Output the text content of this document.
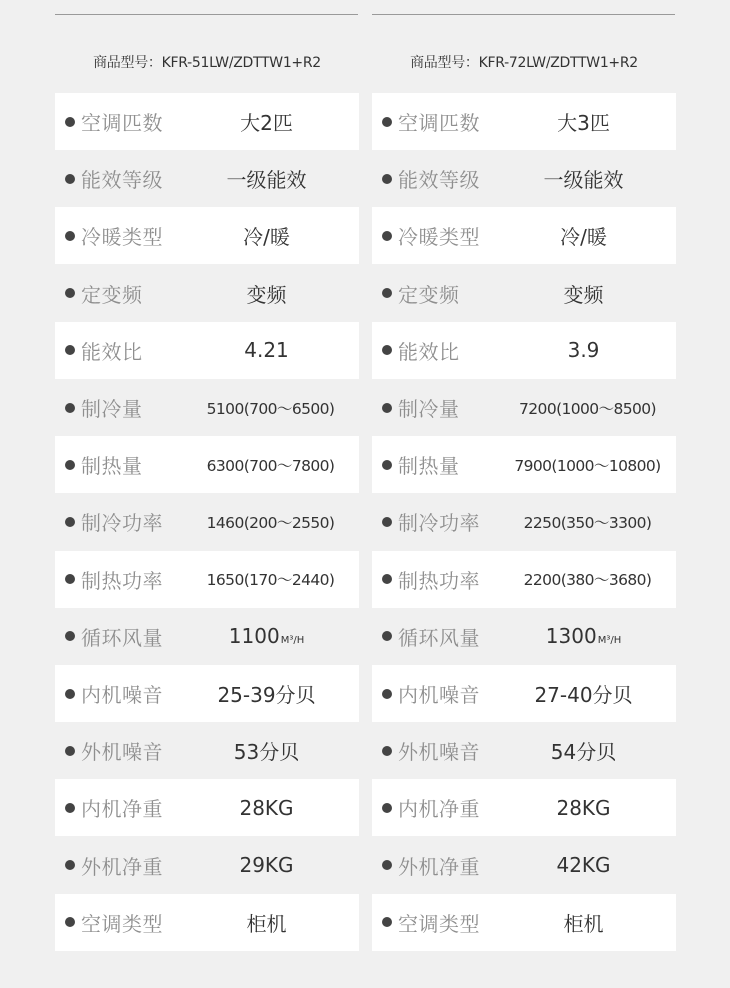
商品型号：KFR-51LW/ZDTTW1+R2
空调匹数	大2匹
能效等级	一级能效
冷暖类型	冷/暖
定变频	变频
能效比	4.21
制冷量	5100(700～6500)
制热量	6300(700～7800)
制冷功率	1460(200～2550)
制热功率	1650(170～2440)
循环风量	1100M³/H
内机噪音	25-39分贝
外机噪音	53分贝
内机净重	28KG
外机净重	29KG
空调类型	柜机
商品型号：KFR-72LW/ZDTTW1+R2
空调匹数	大3匹
能效等级	一级能效
冷暖类型	冷/暖
定变频	变频
能效比	3.9
制冷量	7200(1000～8500)
制热量	7900(1000～10800)
制冷功率	2250(350～3300)
制热功率	2200(380～3680)
循环风量	1300M³/H
内机噪音	27-40分贝
外机噪音	54分贝
内机净重	28KG
外机净重	42KG
空调类型	柜机
